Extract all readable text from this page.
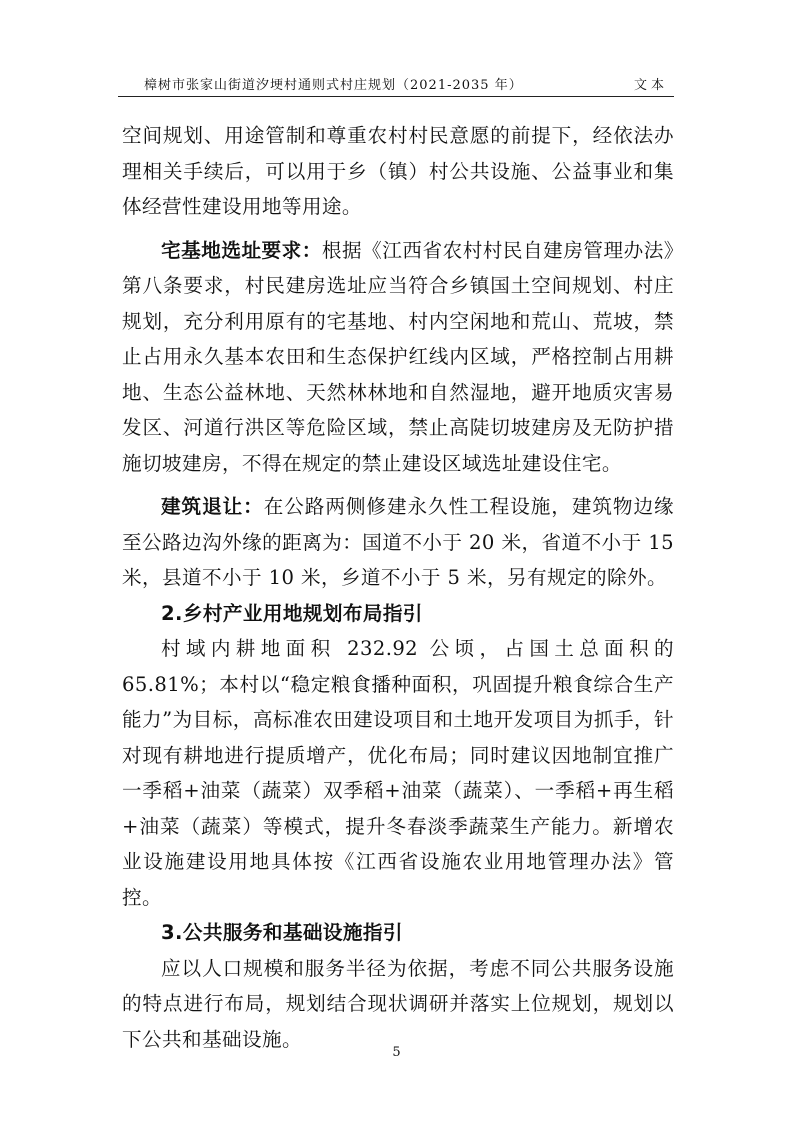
樟树市张家山街道汐埂村通则式村庄规划（2021-2035 年）	文本

空间规划、用途管制和尊重农村村民意愿的前提下，经依法办理相关手续后，可以用于乡（镇）村公共设施、公益事业和集体经营性建设用地等用途。

宅基地选址要求：根据《江西省农村村民自建房管理办法》第八条要求，村民建房选址应当符合乡镇国土空间规划、村庄规划，充分利用原有的宅基地、村内空闲地和荒山、荒坡，禁止占用永久基本农田和生态保护红线内区域，严格控制占用耕地、生态公益林地、天然林林地和自然湿地，避开地质灾害易发区、河道行洪区等危险区域，禁止高陡切坡建房及无防护措施切坡建房，不得在规定的禁止建设区域选址建设住宅。

建筑退让：在公路两侧修建永久性工程设施，建筑物边缘至公路边沟外缘的距离为：国道不小于 20 米，省道不小于 15 米，县道不小于 10 米，乡道不小于 5 米，另有规定的除外。

2.乡村产业用地规划布局指引

村域内耕地面积 232.92 公顷，占国土总面积的 65.81%；本村以“稳定粮食播种面积，巩固提升粮食综合生产能力”为目标，高标准农田建设项目和土地开发项目为抓手，针对现有耕地进行提质增产，优化布局；同时建议因地制宜推广一季稻+油菜（蔬菜）双季稻+油菜（蔬菜）、一季稻+再生稻+油菜（蔬菜）等模式，提升冬春淡季蔬菜生产能力。新增农业设施建设用地具体按《江西省设施农业用地管理办法》管控。

3.公共服务和基础设施指引

应以人口规模和服务半径为依据，考虑不同公共服务设施的特点进行布局，规划结合现状调研并落实上位规划，规划以下公共和基础设施。

5
